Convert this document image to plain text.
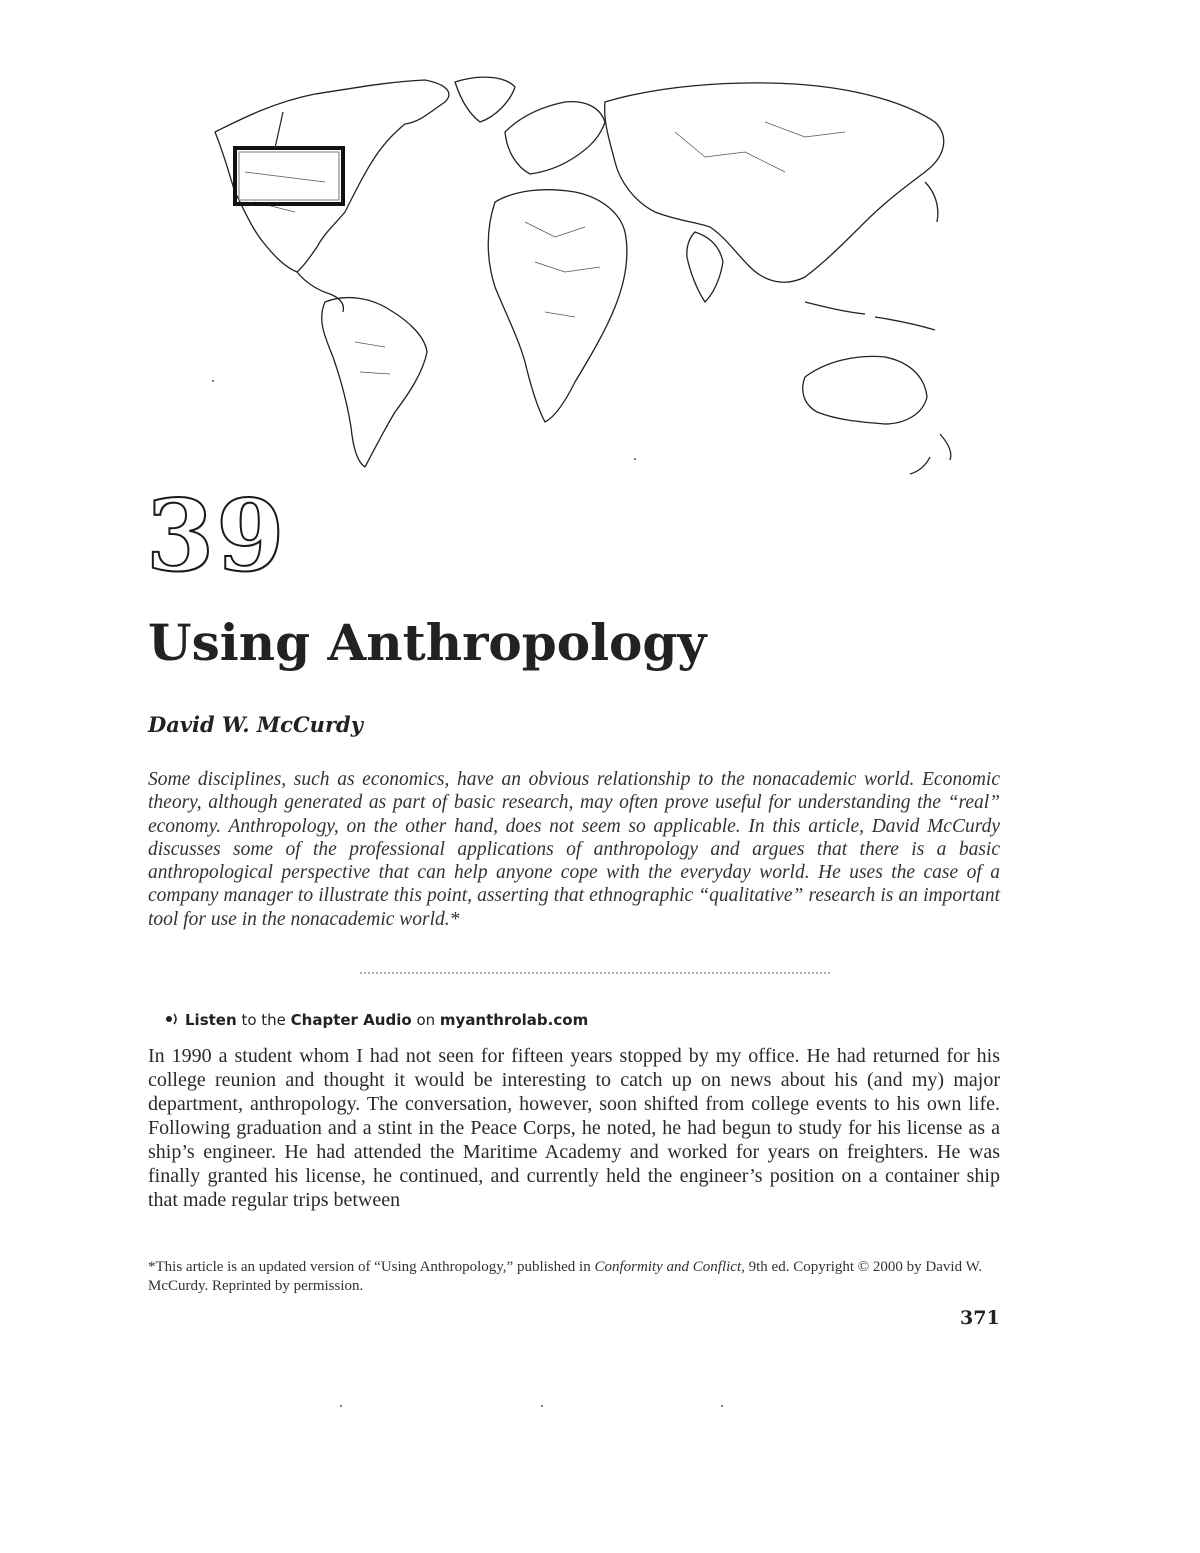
39
Using Anthropology

David W. McCurdy

Some disciplines, such as economics, have an obvious relationship to the nonacademic world. Economic theory, although generated as part of basic research, may often prove useful for understanding the “real” economy. Anthropology, on the other hand, does not seem so applicable. In this article, David McCurdy discusses some of the professional applications of anthropology and argues that there is a basic anthropological perspective that can help anyone cope with the everyday world. He uses the case of a company manager to illustrate this point, asserting that ethnographic “qualitative” research is an important tool for use in the nonacademic world.*

Listen to the Chapter Audio on myanthrolab.com

In 1990 a student whom I had not seen for fifteen years stopped by my office. He had returned for his college reunion and thought it would be interesting to catch up on news about his (and my) major department, anthropology. The conversation, however, soon shifted from college events to his own life. Following graduation and a stint in the Peace Corps, he noted, he had begun to study for his license as a ship’s engineer. He had attended the Maritime Academy and worked for years on freighters. He was finally granted his license, he continued, and currently held the engineer’s position on a container ship that made regular trips between

*This article is an updated version of “Using Anthropology,” published in Conformity and Conflict, 9th ed. Copyright © 2000 by David W. McCurdy. Reprinted by permission.

371
